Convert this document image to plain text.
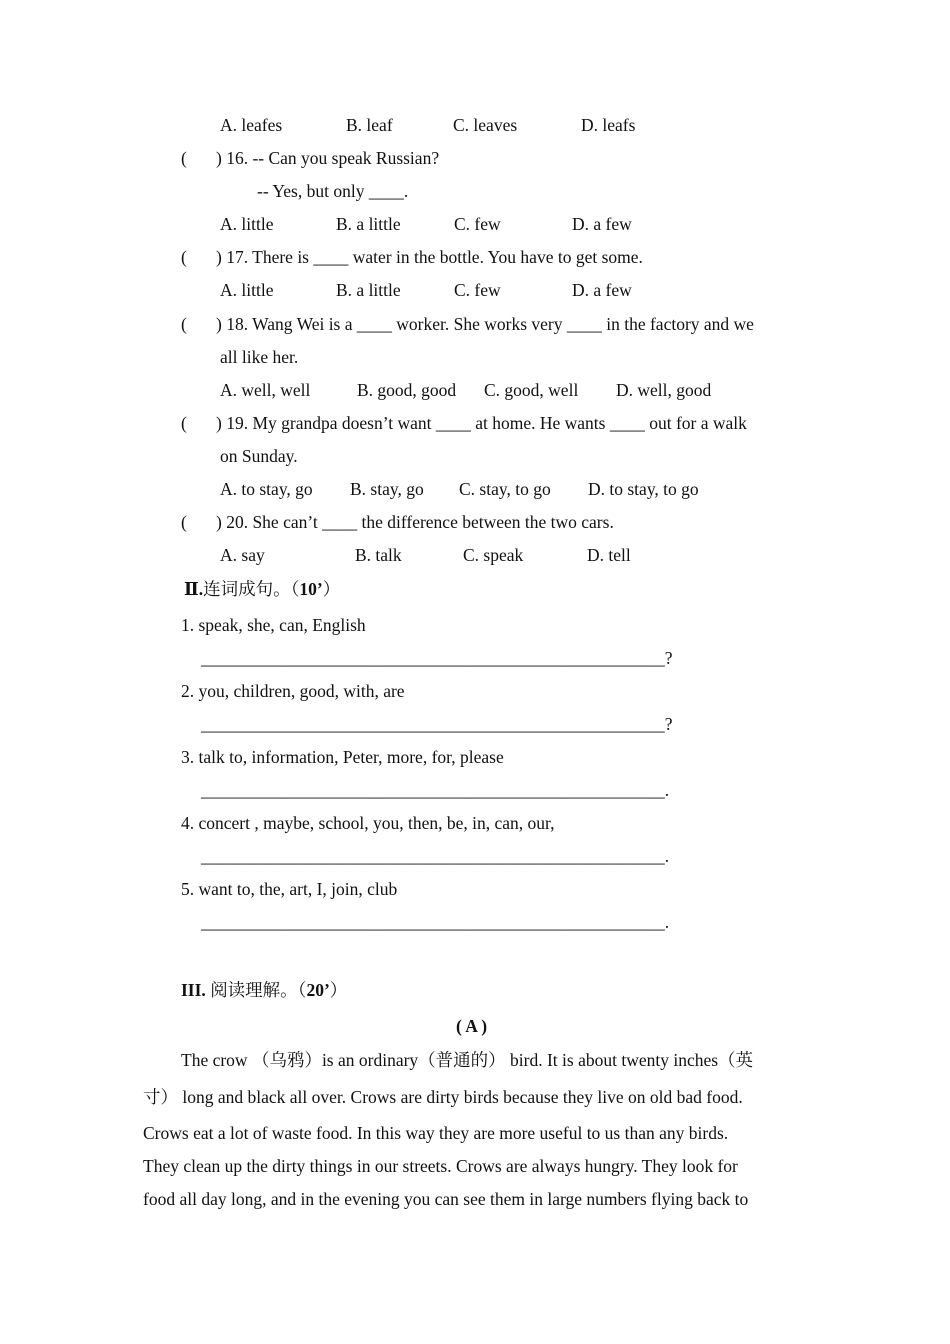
A. leafes	B. leaf	C. leaves	D. leafs
( ) 16. -- Can you speak Russian?
-- Yes, but only ____.
A. little	B. a little	C. few	D. a few
( ) 17. There is ____ water in the bottle. You have to get some.
A. little	B. a little	C. few	D. a few
( ) 18. Wang Wei is a ____ worker. She works very ____ in the factory and we
all like her.
A. well, well	B. good, good C. good, well D. well, good
( ) 19. My grandpa doesn’t want ____ at home. He wants ____ out for a walk
on Sunday.
A. to stay, go B. stay, go C. stay, to go D. to stay, to go
( ) 20. She can’t ____ the difference between the two cars.
A. say	B. talk	C. speak	D. tell
Ⅱ.连词成句。（10’）
1. speak, she, can, English
_____________________________________________________?
2. you, children, good, with, are
_____________________________________________________?
3. talk to, information, Peter, more, for, please
_____________________________________________________.
4. concert , maybe, school, you, then, be, in, can, our,
_____________________________________________________.
5. want to, the, art, I, join, club
_____________________________________________________.
III. 阅读理解。（20’）
( A )
The crow （乌鸦）is an ordinary（普通的） bird. It is about twenty inches（英
寸） long and black all over. Crows are dirty birds because they live on old bad food.
Crows eat a lot of waste food. In this way they are more useful to us than any birds.
They clean up the dirty things in our streets. Crows are always hungry. They look for
food all day long, and in the evening you can see them in large numbers flying back to
